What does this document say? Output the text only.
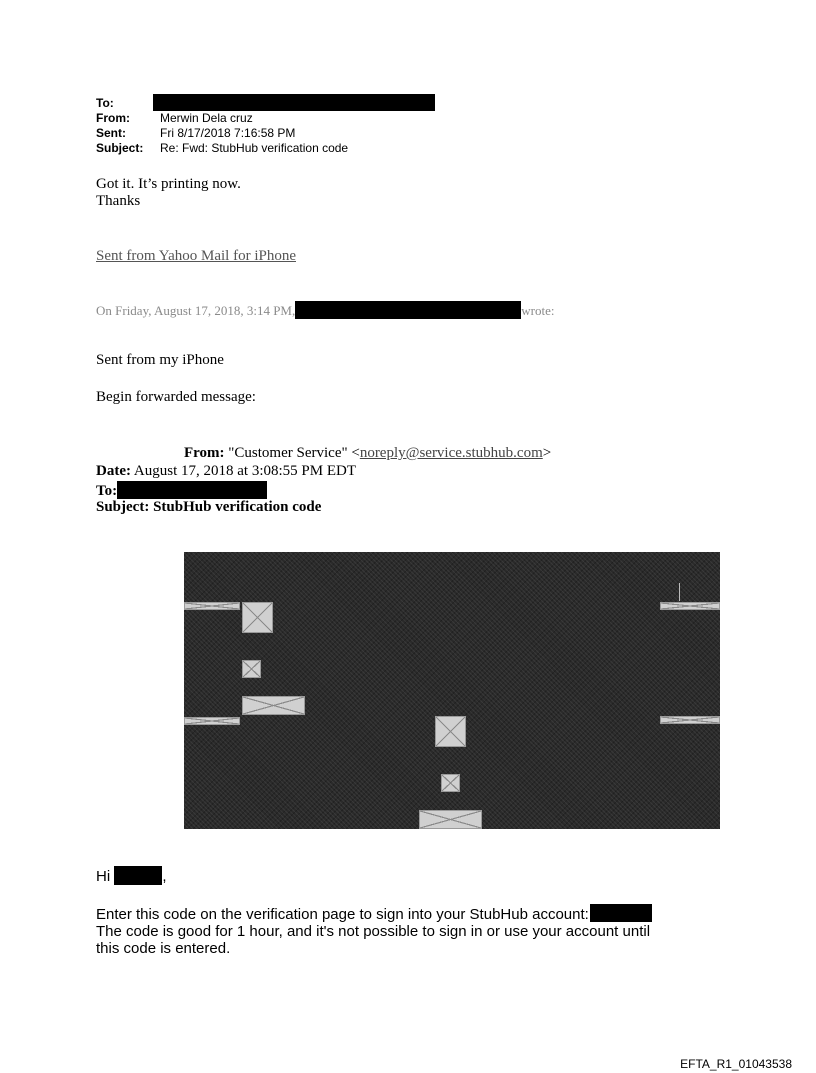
To:
From:	Merwin Dela cruz
Sent:	Fri 8/17/2018 7:16:58 PM
Subject: Re: Fwd: StubHub verification code
Got it. It’s printing now.
Thanks
Sent from Yahoo Mail for iPhone
On Friday, August 17, 2018, 3:14 PM,	wrote:
Sent from my iPhone
Begin forwarded message:
From: "Customer Service" <noreply@service.stubhub.com>
Date: August 17, 2018 at 3:08:55 PM EDT
To:
Subject: StubHub verification code
Hi	,
Enter this code on the verification page to sign into your StubHub account:
The code is good for 1 hour, and it's not possible to sign in or use your account until
this code is entered.
EFTA_R1_01043538
